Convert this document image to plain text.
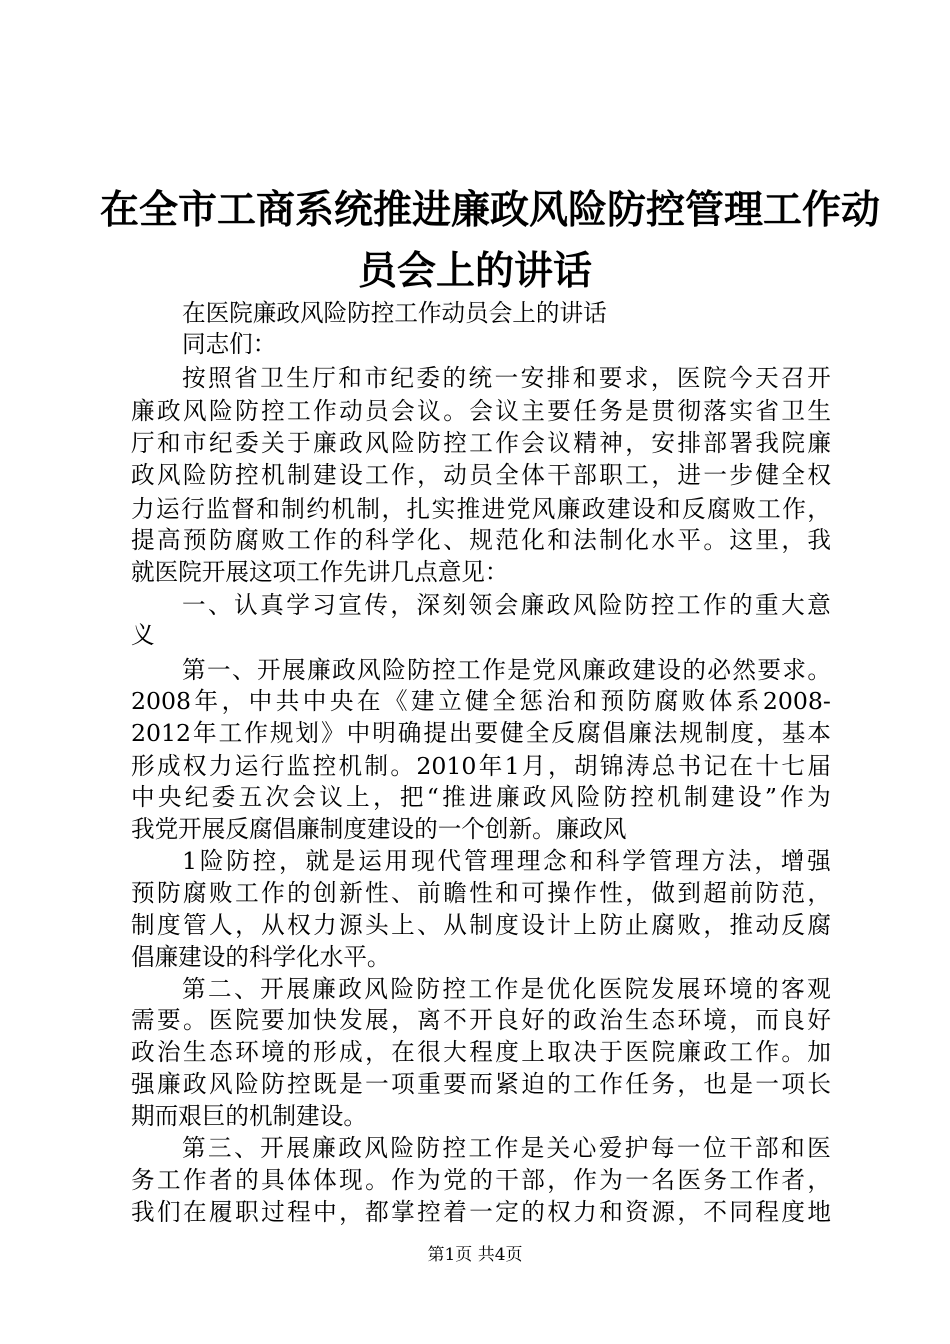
在全市工商系统推进廉政风险防控管理工作动
员会上的讲话
在医院廉政风险防控工作动员会上的讲话
同志们：
按 照 省 卫 生 厅 和 市 纪 委 的 统 一 安 排 和 要 求 ， 医 院 今 天 召 开
廉 政 风 险 防 控 工 作 动 员 会 议 。 会 议 主 要 任 务 是 贯 彻 落 实 省 卫 生
厅 和 市 纪 委 关 于 廉 政 风 险 防 控 工 作 会 议 精 神 ， 安 排 部 署 我 院 廉
政 风 险 防 控 机 制 建 设 工 作 ， 动 员 全 体 干 部 职 工 ， 进 一 步 健 全 权
力 运 行 监 督 和 制 约 机 制 ， 扎 实 推 进 党 风 廉 政 建 设 和 反 腐 败 工 作 ，
提 高 预 防 腐 败 工 作 的 科 学 化 、 规 范 化 和 法 制 化 水 平 。 这 里 ， 我
就医院开展这项工作先讲几点意见：
一 、 认 真 学 习 宣 传 ， 深 刻 领 会 廉 政 风 险 防 控 工 作 的 重 大 意
义
第 一 、 开 展 廉 政 风 险 防 控 工 作 是 党 风 廉 政 建 设 的 必 然 要 求 。
2008 年 ， 中 共 中 央 在 《 建 立 健 全 惩 治 和 预 防 腐 败 体 系 2008-
2012 年 工 作 规 划 》 中 明 确 提 出 要 健 全 反 腐 倡 廉 法 规 制 度 ， 基 本
形 成 权 力 运 行 监 控 机 制 。 2010 年 1 月 ， 胡 锦 涛 总 书 记 在 十 七 届
中 央 纪 委 五 次 会 议 上 ， 把 “ 推 进 廉 政 风 险 防 控 机 制 建 设 ” 作 为
我党开展反腐倡廉制度建设的一个创新。廉政风
1 险 防 控 ， 就 是 运 用 现 代 管 理 理 念 和 科 学 管 理 方 法 ， 增 强
预 防 腐 败 工 作 的 创 新 性 、 前 瞻 性 和 可 操 作 性 ， 做 到 超 前 防 范 ，
制 度 管 人 ， 从 权 力 源 头 上 、 从 制 度 设 计 上 防 止 腐 败 ， 推 动 反 腐
倡廉建设的科学化水平。
第 二 、 开 展 廉 政 风 险 防 控 工 作 是 优 化 医 院 发 展 环 境 的 客 观
需 要 。 医 院 要 加 快 发 展 ， 离 不 开 良 好 的 政 治 生 态 环 境 ， 而 良 好
政 治 生 态 环 境 的 形 成 ， 在 很 大 程 度 上 取 决 于 医 院 廉 政 工 作 。 加
强 廉 政 风 险 防 控 既 是 一 项 重 要 而 紧 迫 的 工 作 任 务 ， 也 是 一 项 长
期而艰巨的机制建设。
第 三 、 开 展 廉 政 风 险 防 控 工 作 是 关 心 爱 护 每 一 位 干 部 和 医
务 工 作 者 的 具 体 体 现 。 作 为 党 的 干 部 ， 作 为 一 名 医 务 工 作 者 ，
我 们 在 履 职 过 程 中 ， 都 掌 控 着 一 定 的 权 力 和 资 源 ， 不 同 程 度 地
第1页 共4页
